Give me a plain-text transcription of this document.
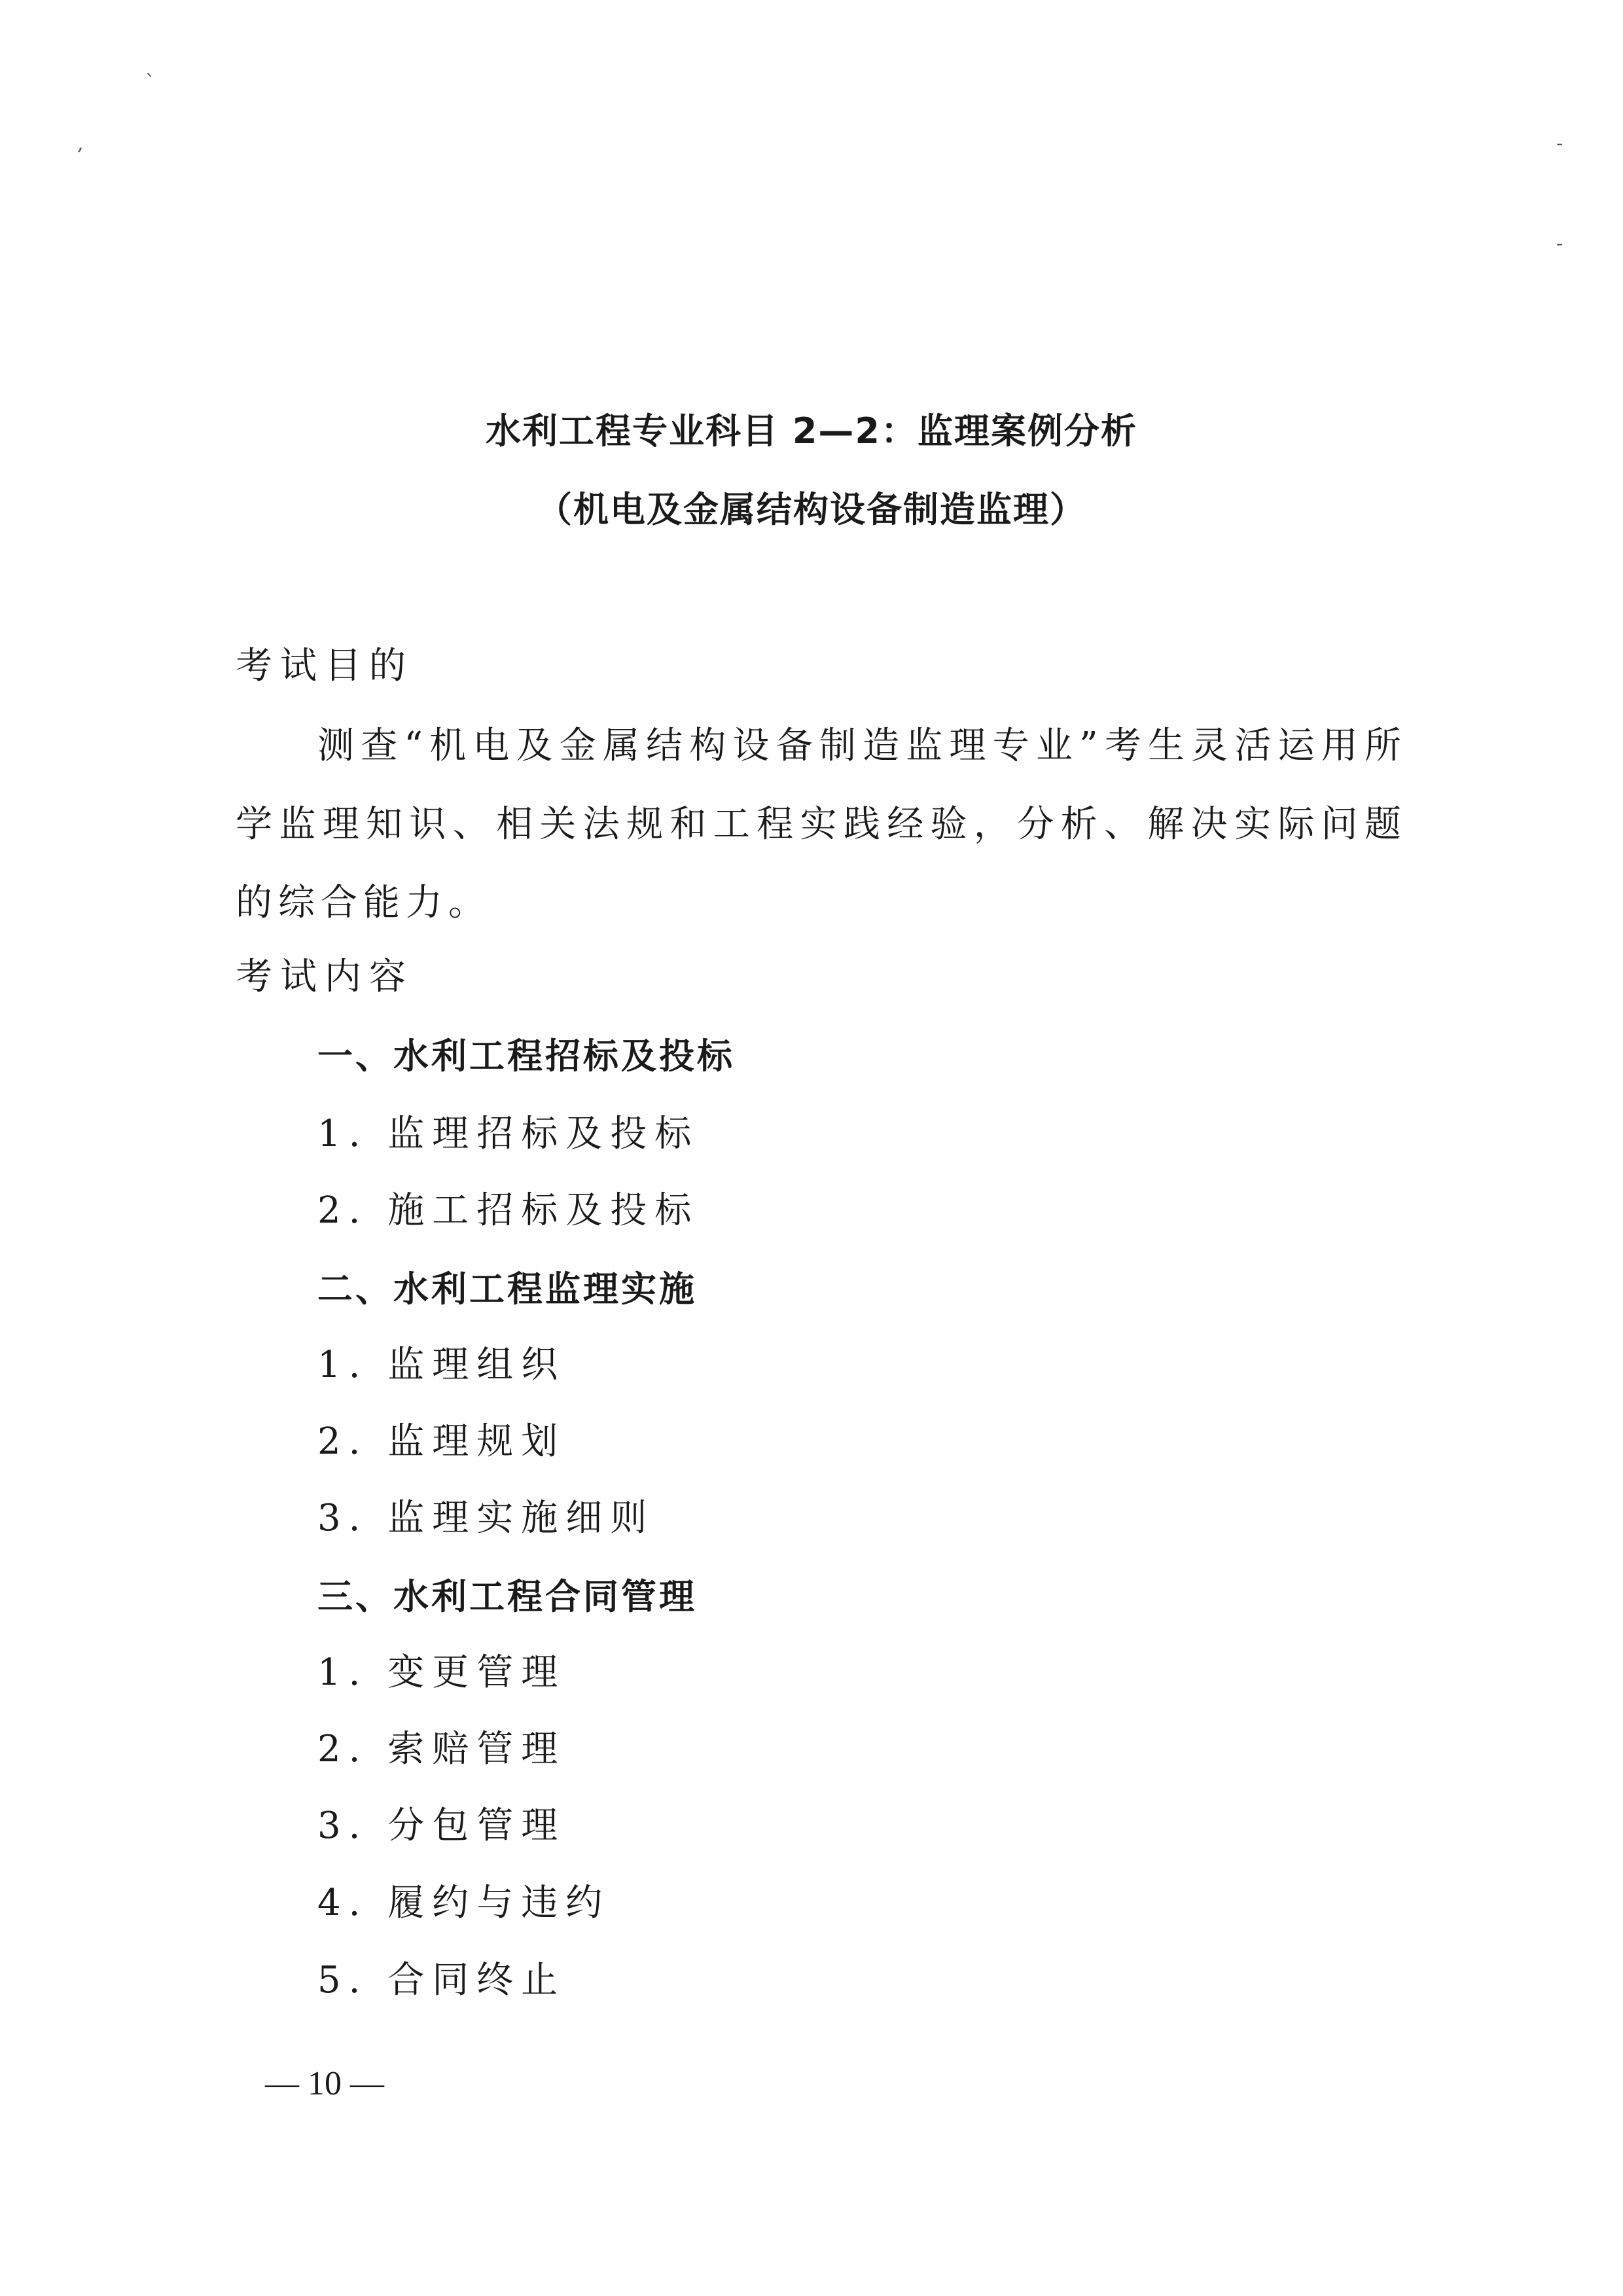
`
,	-
-
水利工程专业科目 2—2：监理案例分析
（机电及金属结构设备制造监理）
考试目的
测查“机电及金属结构设备制造监理专业”考生灵活运用所学监理知识、相关法规和工程实践经验，分析、解决实际问题的综合能力。
考试内容
一、水利工程招标及投标
1. 监理招标及投标
2. 施工招标及投标
二、水利工程监理实施
1. 监理组织
2. 监理规划
3. 监理实施细则
三、水利工程合同管理
1. 变更管理
2. 索赔管理
3. 分包管理
4. 履约与违约
5. 合同终止
— 10 —
